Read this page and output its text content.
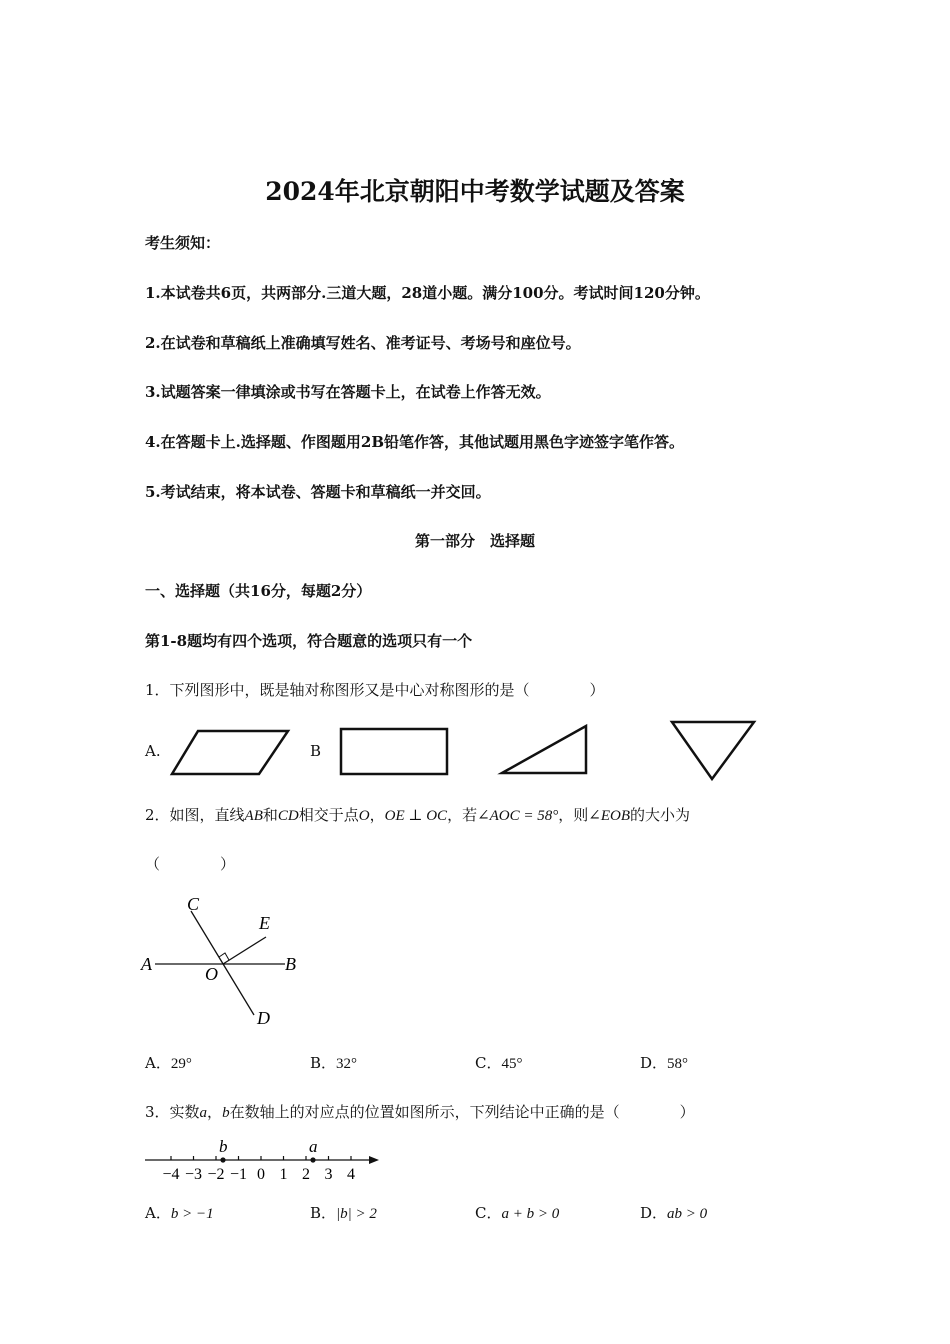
2024年北京朝阳中考数学试题及答案
考生须知：
1.本试卷共6页，共两部分.三道大题，28道小题。满分100分。考试时间120分钟。
2.在试卷和草稿纸上准确填写姓名、准考证号、考场号和座位号。
3.试题答案一律填涂或书写在答题卡上，在试卷上作答无效。
4.在答题卡上.选择题、作图题用2B铅笔作答，其他试题用黑色字迹签字笔作答。
5.考试结束，将本试卷、答题卡和草稿纸一并交回。
第一部分　选择题
一、选择题（共16分，每题2分）
第1-8题均有四个选项，符合题意的选项只有一个
1．下列图形中，既是轴对称图形又是中心对称图形的是（　　　　）
A.	B
2．如图，直线AB和CD相交于点O，OE ⊥ OC，若∠AOC = 58°，则∠EOB的大小为
（　　　　）
C
E
A	B
O
D
A．29°	B．32°	C．45°	D．58°
3．实数a，b在数轴上的对应点的位置如图所示，下列结论中正确的是（　　　　）
−4 −3 −2 −1 0 1 2 3 4
b	a
A．b > −1	B．|b| > 2	C．a + b > 0	D．ab > 0
